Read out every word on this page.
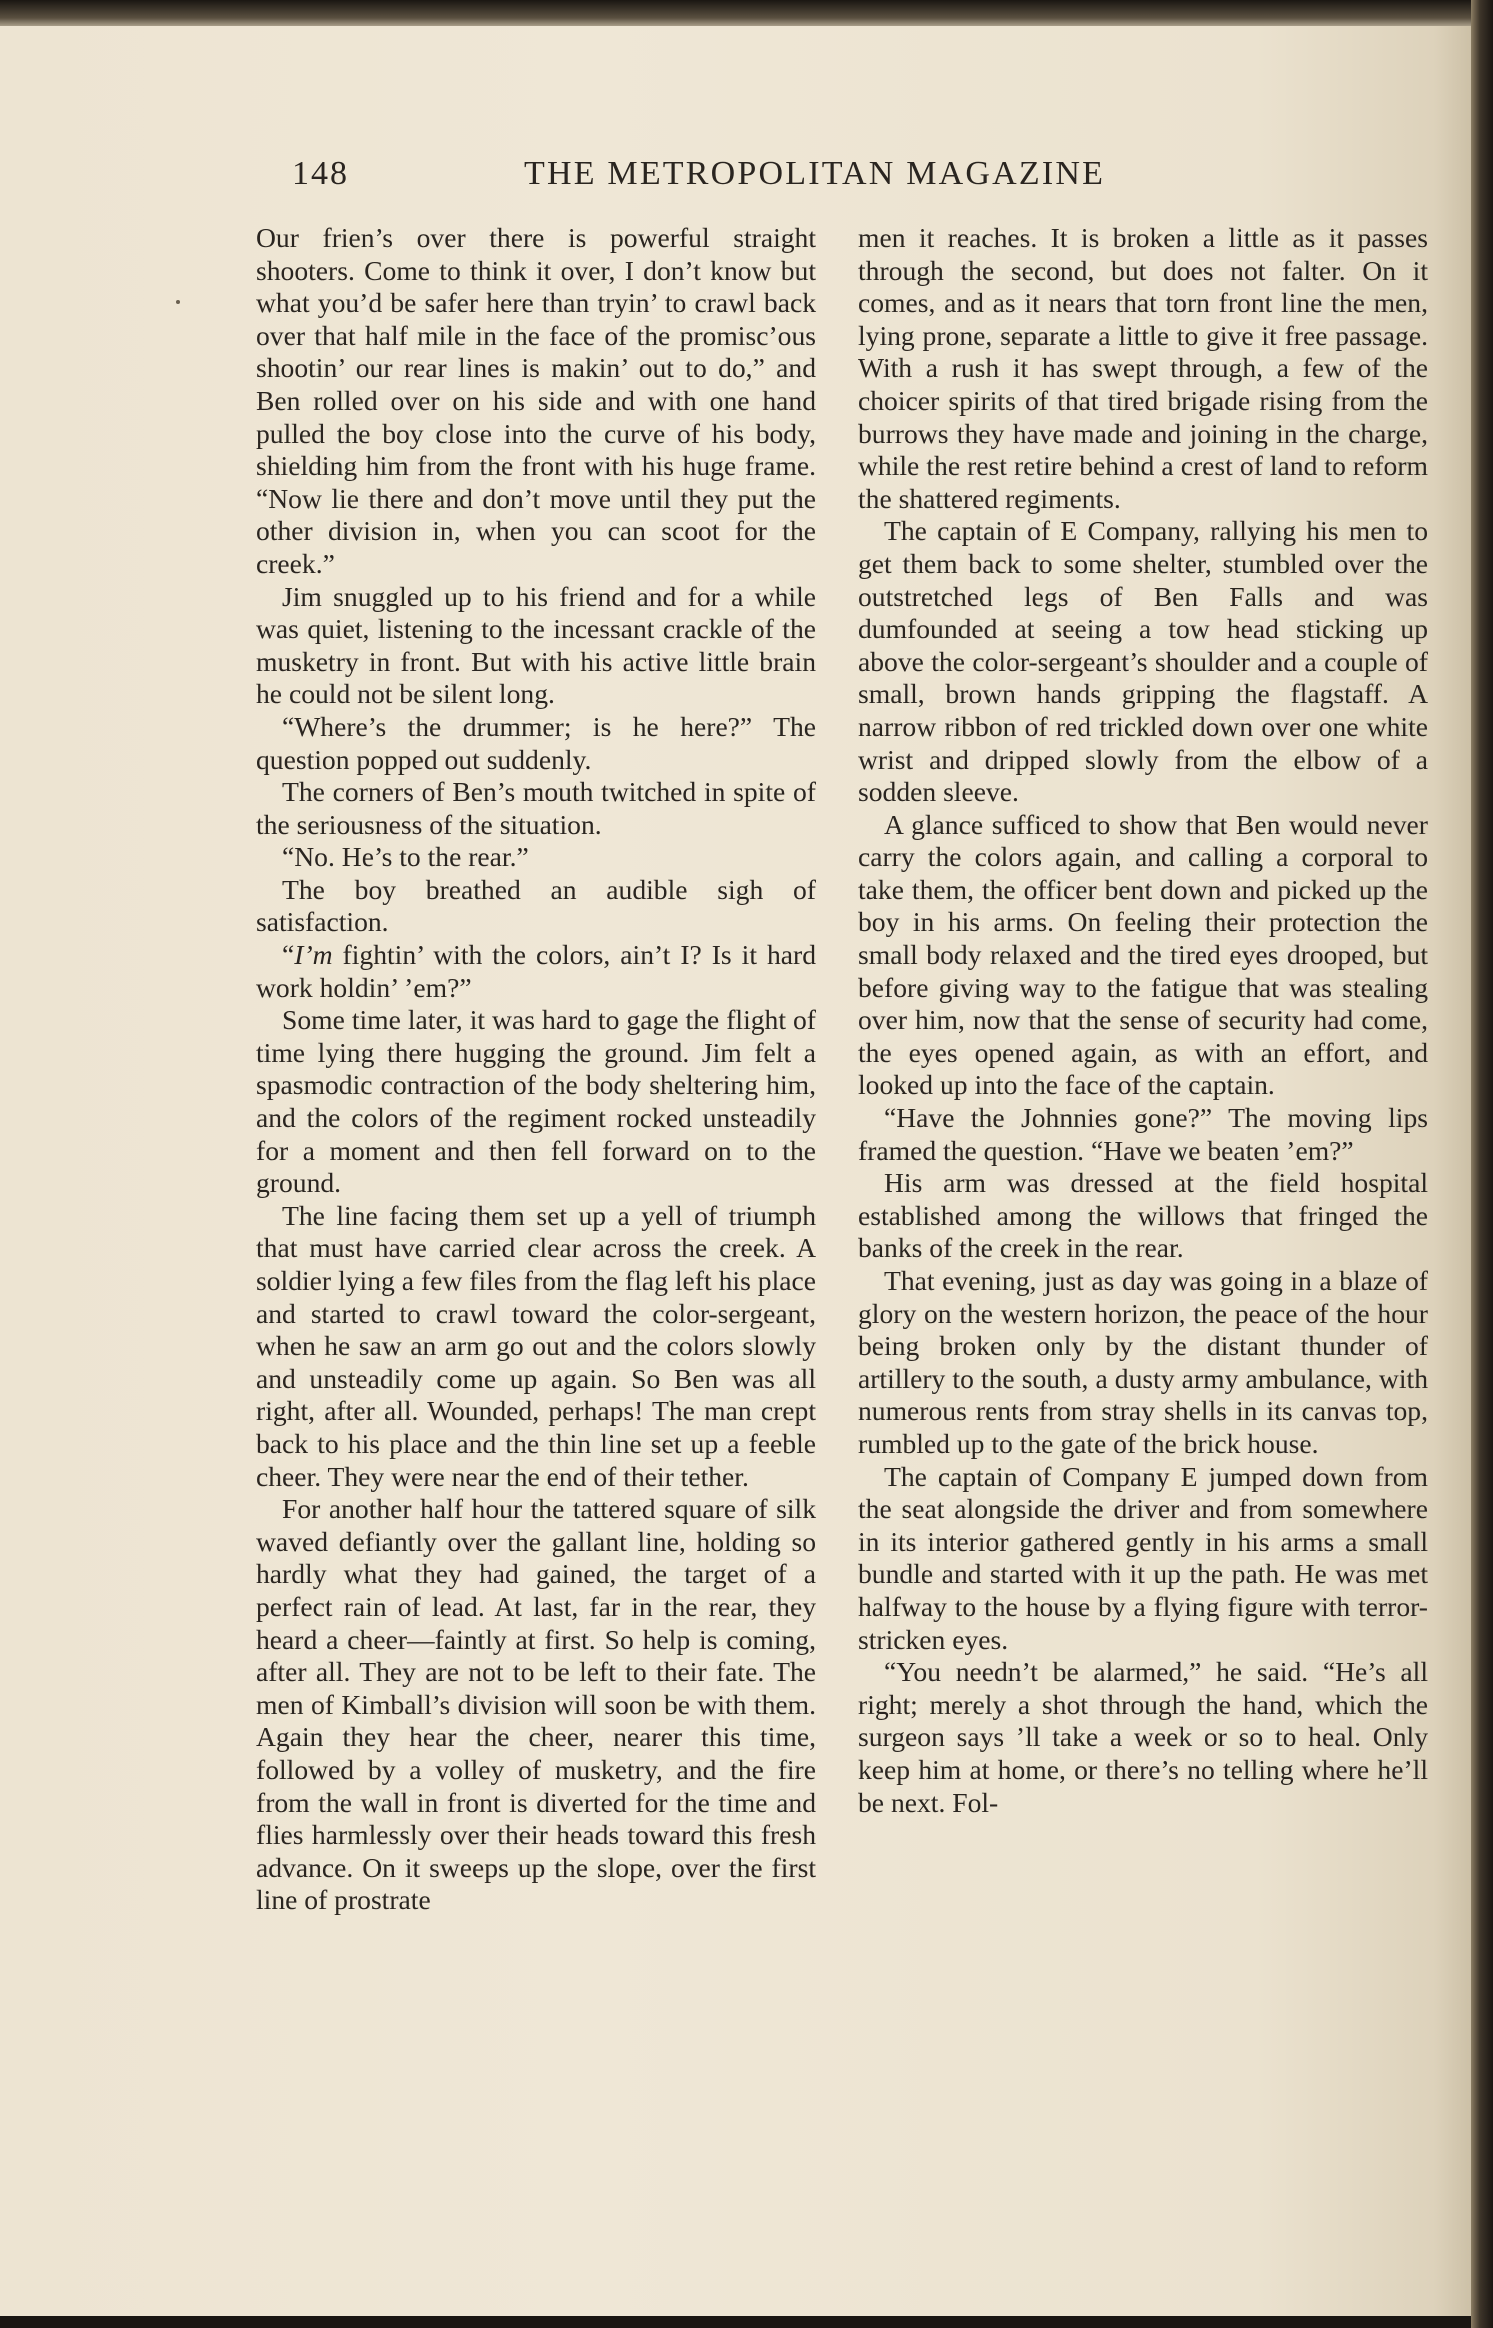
148	THE METROPOLITAN MAGAZINE

Our frien’s over there is powerful straight shooters. Come to think it over, I don’t know but what you’d be safer here than tryin’ to crawl back over that half mile in the face of the promisc’ous shootin’ our rear lines is makin’ out to do,” and Ben rolled over on his side and with one hand pulled the boy close into the curve of his body, shielding him from the front with his huge frame. “Now lie there and don’t move until they put the other division in, when you can scoot for the creek.”

Jim snuggled up to his friend and for a while was quiet, listening to the incessant crackle of the musketry in front. But with his active little brain he could not be silent long.

“Where’s the drummer; is he here?” The question popped out suddenly.

The corners of Ben’s mouth twitched in spite of the seriousness of the situation.

“No. He’s to the rear.”

The boy breathed an audible sigh of satisfaction.

“I’m fightin’ with the colors, ain’t I? Is it hard work holdin’ ’em?”

Some time later, it was hard to gage the flight of time lying there hugging the ground. Jim felt a spasmodic contraction of the body sheltering him, and the colors of the regiment rocked unsteadily for a moment and then fell forward on to the ground.

The line facing them set up a yell of triumph that must have carried clear across the creek. A soldier lying a few files from the flag left his place and started to crawl toward the color-sergeant, when he saw an arm go out and the colors slowly and unsteadily come up again. So Ben was all right, after all. Wounded, perhaps! The man crept back to his place and the thin line set up a feeble cheer. They were near the end of their tether.

For another half hour the tattered square of silk waved defiantly over the gallant line, holding so hardly what they had gained, the target of a perfect rain of lead. At last, far in the rear, they heard a cheer—faintly at first. So help is coming, after all. They are not to be left to their fate. The men of Kimball’s division will soon be with them. Again they hear the cheer, nearer this time, followed by a volley of musketry, and the fire from the wall in front is diverted for the time and flies harmlessly over their heads toward this fresh advance. On it sweeps up the slope, over the first line of prostrate

men it reaches. It is broken a little as it passes through the second, but does not falter. On it comes, and as it nears that torn front line the men, lying prone, separate a little to give it free passage. With a rush it has swept through, a few of the choicer spirits of that tired brigade rising from the burrows they have made and joining in the charge, while the rest retire behind a crest of land to reform the shattered regiments.

The captain of E Company, rallying his men to get them back to some shelter, stumbled over the outstretched legs of Ben Falls and was dumfounded at seeing a tow head sticking up above the color-sergeant’s shoulder and a couple of small, brown hands gripping the flagstaff. A narrow ribbon of red trickled down over one white wrist and dripped slowly from the elbow of a sodden sleeve.

A glance sufficed to show that Ben would never carry the colors again, and calling a corporal to take them, the officer bent down and picked up the boy in his arms. On feeling their protection the small body relaxed and the tired eyes drooped, but before giving way to the fatigue that was stealing over him, now that the sense of security had come, the eyes opened again, as with an effort, and looked up into the face of the captain.

“Have the Johnnies gone?” The moving lips framed the question. “Have we beaten ’em?”

His arm was dressed at the field hospital established among the willows that fringed the banks of the creek in the rear.

That evening, just as day was going in a blaze of glory on the western horizon, the peace of the hour being broken only by the distant thunder of artillery to the south, a dusty army ambulance, with numerous rents from stray shells in its canvas top, rumbled up to the gate of the brick house.

The captain of Company E jumped down from the seat alongside the driver and from somewhere in its interior gathered gently in his arms a small bundle and started with it up the path. He was met halfway to the house by a flying figure with terror-stricken eyes.

“You needn’t be alarmed,” he said. “He’s all right; merely a shot through the hand, which the surgeon says ’ll take a week or so to heal. Only keep him at home, or there’s no telling where he’ll be next. Fol-
